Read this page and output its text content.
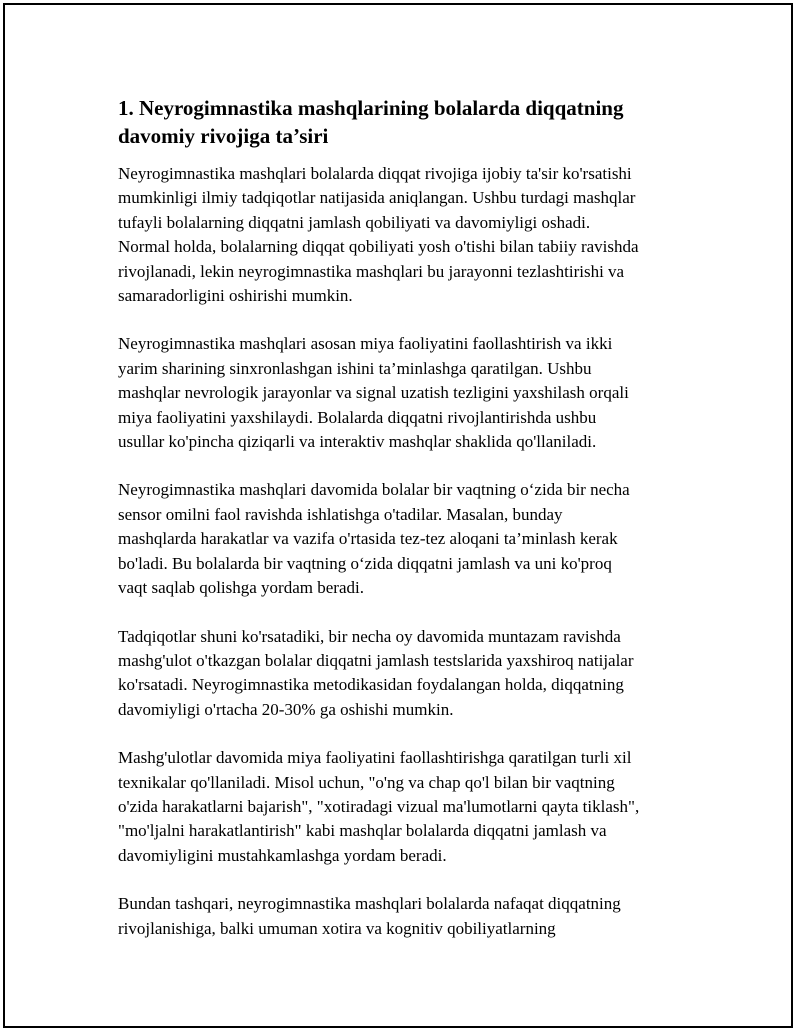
1. Neyrogimnastika mashqlarining bolalarda diqqatning
davomiy rivojiga ta’siri

Neyrogimnastika mashqlari bolalarda diqqat rivojiga ijobiy ta'sir ko'rsatishi
mumkinligi ilmiy tadqiqotlar natijasida aniqlangan. Ushbu turdagi mashqlar
tufayli bolalarning diqqatni jamlash qobiliyati va davomiyligi oshadi.
Normal holda, bolalarning diqqat qobiliyati yosh o'tishi bilan tabiiy ravishda
rivojlanadi, lekin neyrogimnastika mashqlari bu jarayonni tezlashtirishi va
samaradorligini oshirishi mumkin.

Neyrogimnastika mashqlari asosan miya faoliyatini faollashtirish va ikki
yarim sharining sinxronlashgan ishini ta’minlashga qaratilgan. Ushbu
mashqlar nevrologik jarayonlar va signal uzatish tezligini yaxshilash orqali
miya faoliyatini yaxshilaydi. Bolalarda diqqatni rivojlantirishda ushbu
usullar ko'pincha qiziqarli va interaktiv mashqlar shaklida qo'llaniladi.

Neyrogimnastika mashqlari davomida bolalar bir vaqtning o‘zida bir necha
sensor omilni faol ravishda ishlatishga o'tadilar. Masalan, bunday
mashqlarda harakatlar va vazifa o'rtasida tez-tez aloqani ta’minlash kerak
bo'ladi. Bu bolalarda bir vaqtning o‘zida diqqatni jamlash va uni ko'proq
vaqt saqlab qolishga yordam beradi.

Tadqiqotlar shuni ko'rsatadiki, bir necha oy davomida muntazam ravishda
mashg'ulot o'tkazgan bolalar diqqatni jamlash testslarida yaxshiroq natijalar
ko'rsatadi. Neyrogimnastika metodikasidan foydalangan holda, diqqatning
davomiyligi o'rtacha 20-30% ga oshishi mumkin.

Mashg'ulotlar davomida miya faoliyatini faollashtirishga qaratilgan turli xil
texnikalar qo'llaniladi. Misol uchun, "o'ng va chap qo'l bilan bir vaqtning
o'zida harakatlarni bajarish", "xotiradagi vizual ma'lumotlarni qayta tiklash",
"mo'ljalni harakatlantirish" kabi mashqlar bolalarda diqqatni jamlash va
davomiyligini mustahkamlashga yordam beradi.

Bundan tashqari, neyrogimnastika mashqlari bolalarda nafaqat diqqatning
rivojlanishiga, balki umuman xotira va kognitiv qobiliyatlarning
